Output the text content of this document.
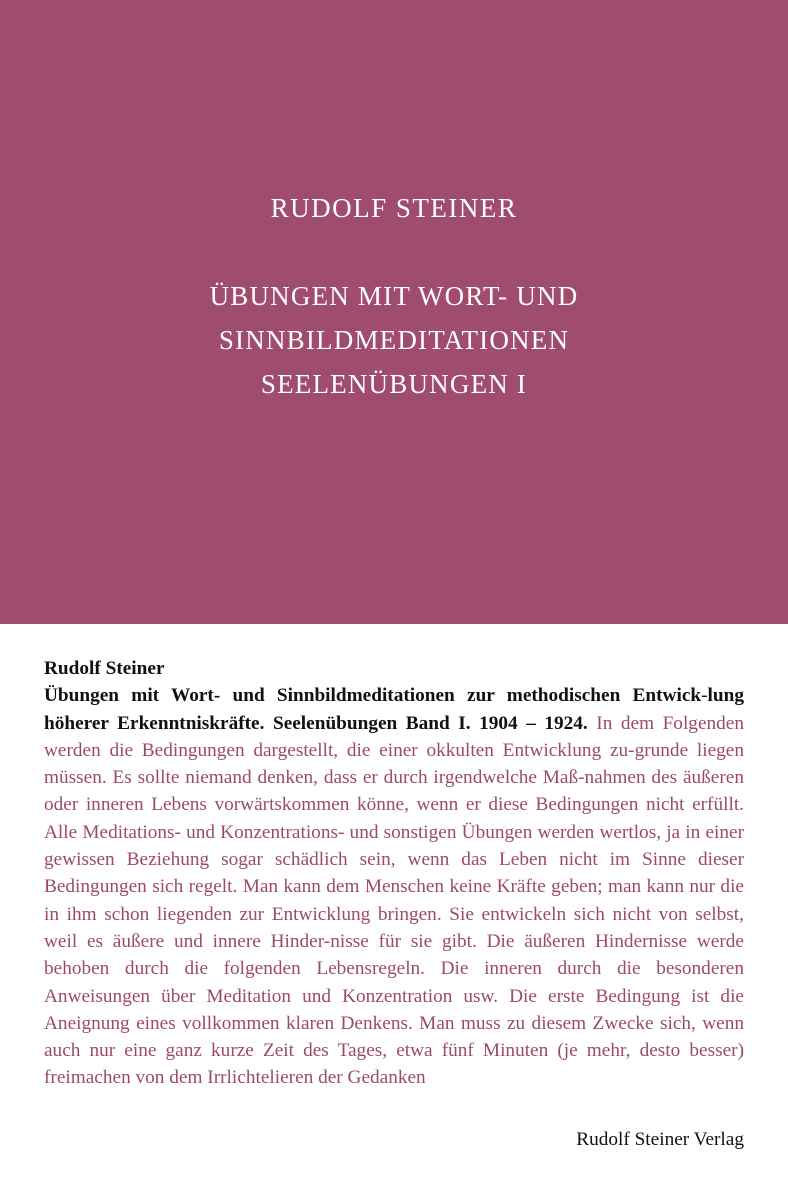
RUDOLF STEINER
ÜBUNGEN MIT WORT- UND
SINNBILDMEDITATIONEN
SEELENÜBUNGEN I
Rudolf Steiner
Übungen mit Wort- und Sinnbildmeditationen zur methodischen Entwick-lung höherer Erkenntniskräfte. Seelenübungen Band I. 1904 – 1924. In dem Folgenden werden die Bedingungen dargestellt, die einer okkulten Entwicklung zu-grunde liegen müssen. Es sollte niemand denken, dass er durch irgendwelche Maß-nahmen des äußeren oder inneren Lebens vorwärtskommen könne, wenn er diese Bedingungen nicht erfüllt. Alle Meditations- und Konzentrations- und sonstigen Übungen werden wertlos, ja in einer gewissen Beziehung sogar schädlich sein, wenn das Leben nicht im Sinne dieser Bedingungen sich regelt. Man kann dem Menschen keine Kräfte geben; man kann nur die in ihm schon liegenden zur Entwicklung bringen. Sie entwickeln sich nicht von selbst, weil es äußere und innere Hinder-nisse für sie gibt. Die äußeren Hindernisse werde behoben durch die folgenden Lebensregeln. Die inneren durch die besonderen Anweisungen über Meditation und Konzentration usw. Die erste Bedingung ist die Aneignung eines vollkommen klaren Denkens. Man muss zu diesem Zwecke sich, wenn auch nur eine ganz kurze Zeit des Tages, etwa fünf Minuten (je mehr, desto besser) freimachen von dem Irrlichtelieren der Gedanken
Rudolf Steiner Verlag
